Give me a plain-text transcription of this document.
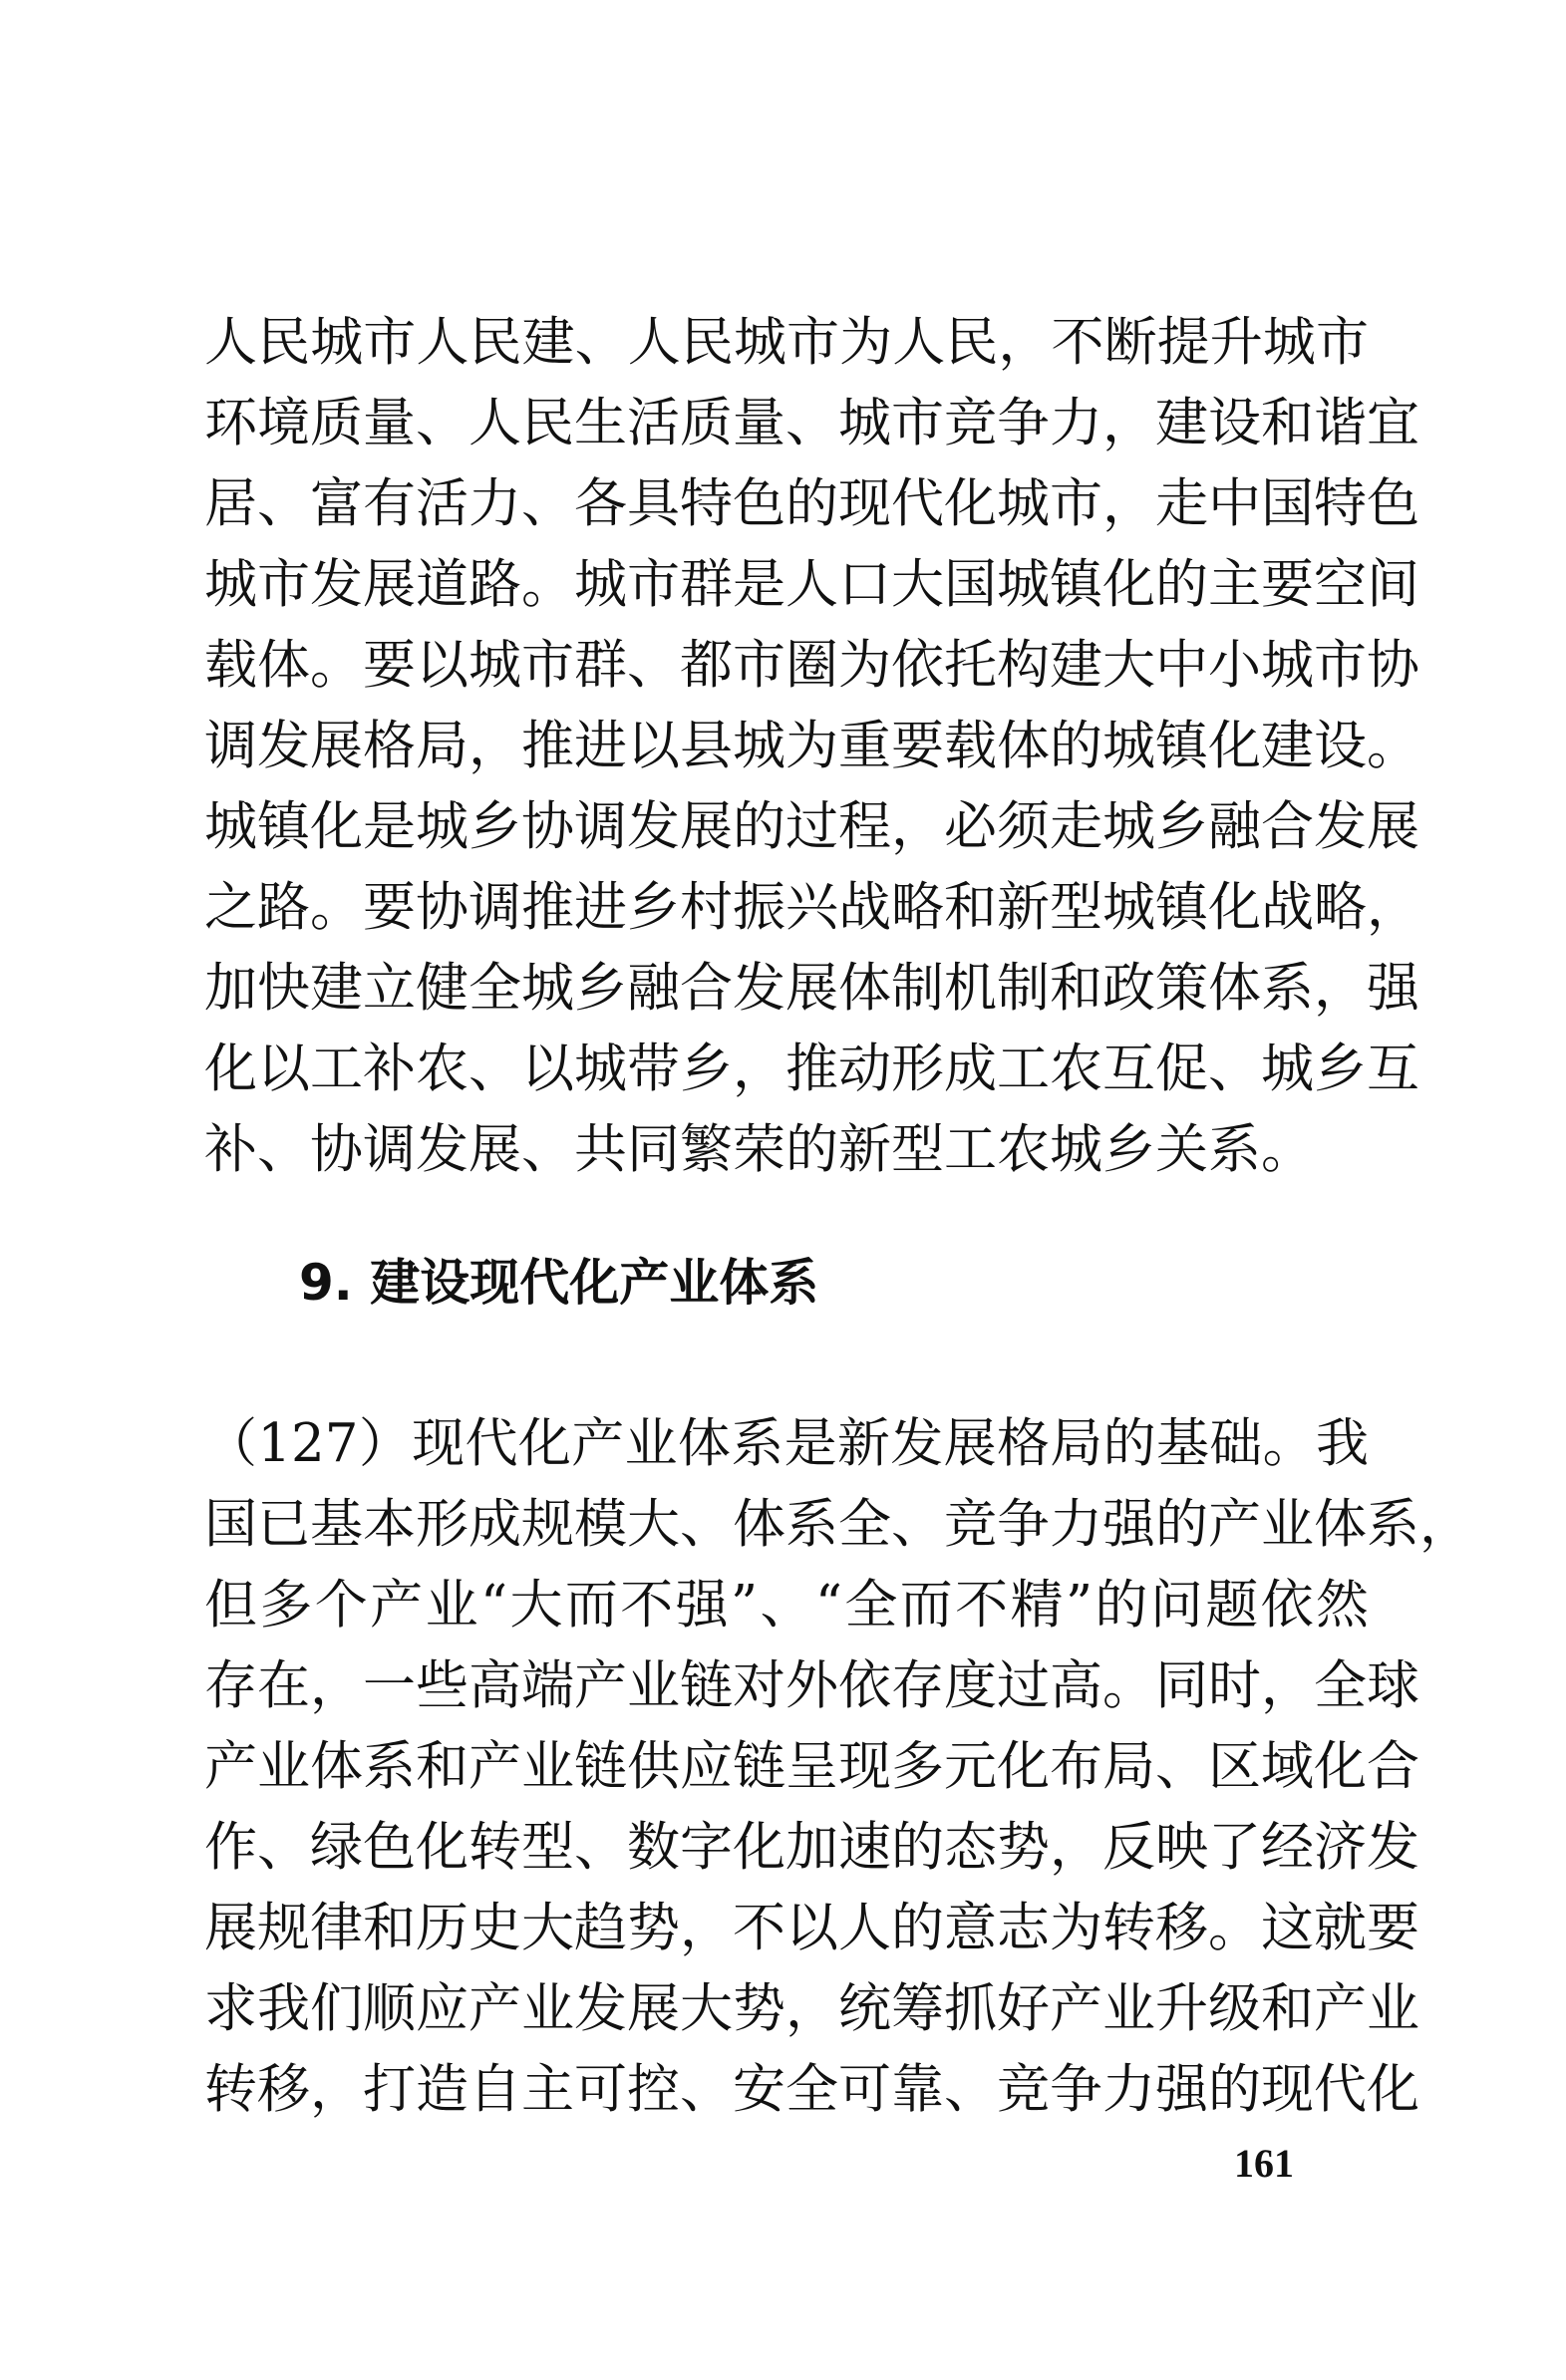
人民城市人民建、人民城市为人民，不断提升城市
环境质量、人民生活质量、城市竞争力，建设和谐宜
居、富有活力、各具特色的现代化城市，走中国特色
城市发展道路。城市群是人口大国城镇化的主要空间
载体。要以城市群、都市圈为依托构建大中小城市协
调发展格局，推进以县城为重要载体的城镇化建设。
城镇化是城乡协调发展的过程，必须走城乡融合发展
之路。要协调推进乡村振兴战略和新型城镇化战略，
加快建立健全城乡融合发展体制机制和政策体系，强
化以工补农、以城带乡，推动形成工农互促、城乡互
补、协调发展、共同繁荣的新型工农城乡关系。
9. 建设现代化产业体系
（127）现代化产业体系是新发展格局的基础。我
国已基本形成规模大、体系全、竞争力强的产业体系，
但多个产业“大而不强”、“全而不精”的问题依然
存在，一些高端产业链对外依存度过高。同时，全球
产业体系和产业链供应链呈现多元化布局、区域化合
作、绿色化转型、数字化加速的态势，反映了经济发
展规律和历史大趋势，不以人的意志为转移。这就要
求我们顺应产业发展大势，统筹抓好产业升级和产业
转移，打造自主可控、安全可靠、竞争力强的现代化
161
